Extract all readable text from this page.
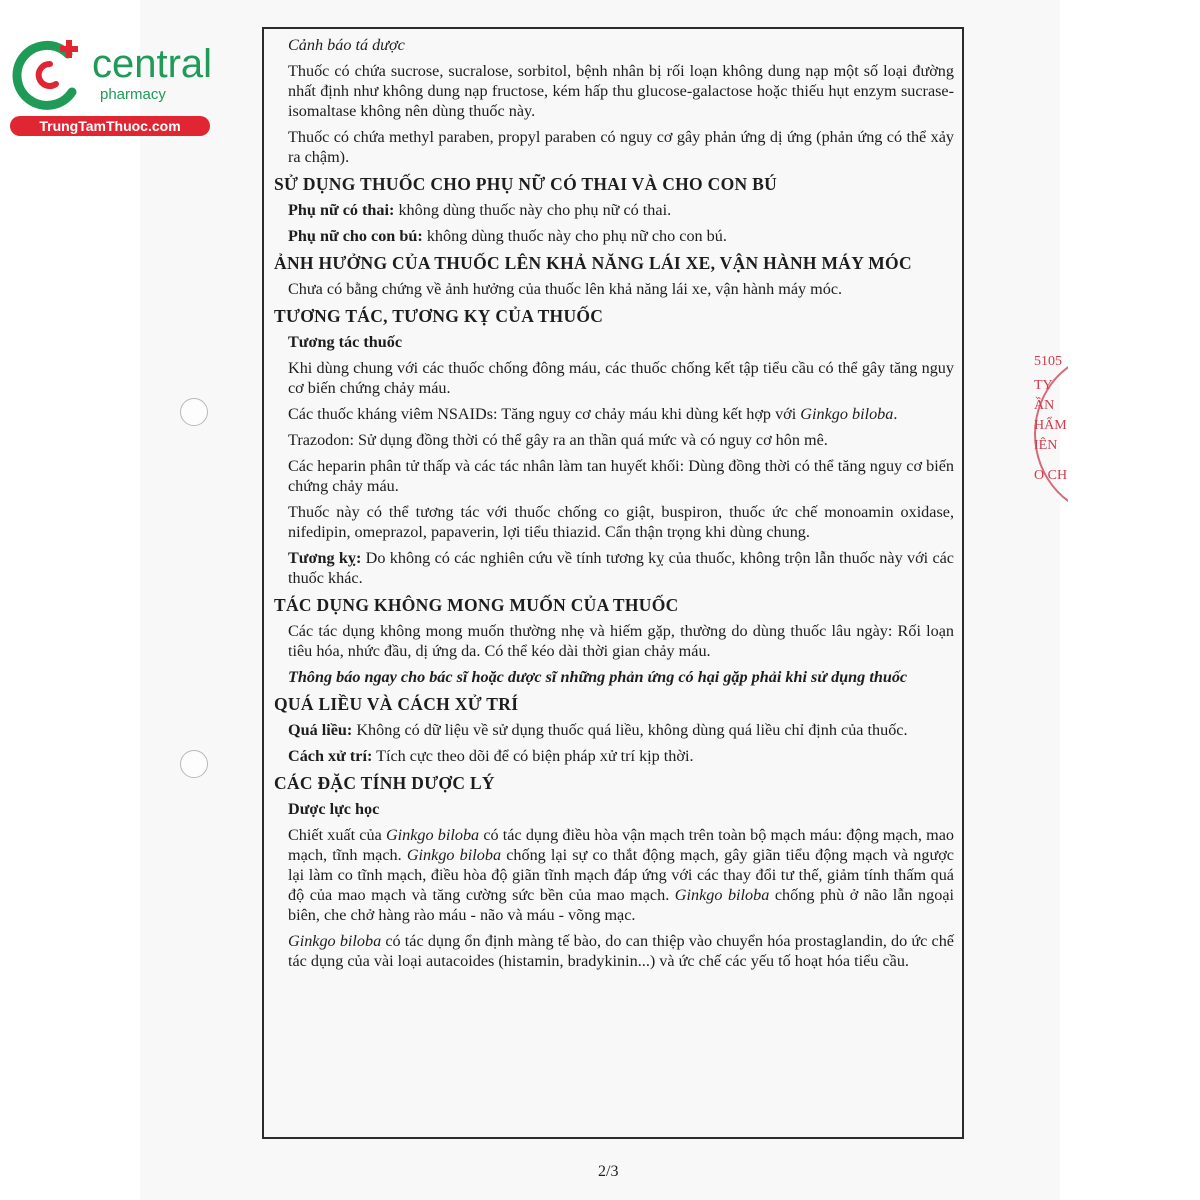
central
pharmacy
TrungTamThuoc.com
5105
TY
ẦN
HẨM
IÊN
O CH
Cảnh báo tá dược
Thuốc có chứa sucrose, sucralose, sorbitol, bệnh nhân bị rối loạn không dung nạp một số loại đường nhất định như không dung nạp fructose, kém hấp thu glucose-galactose hoặc thiếu hụt enzym sucrase-isomaltase không nên dùng thuốc này.
Thuốc có chứa methyl paraben, propyl paraben có nguy cơ gây phản ứng dị ứng (phản ứng có thể xảy ra chậm).
SỬ DỤNG THUỐC CHO PHỤ NỮ CÓ THAI VÀ CHO CON BÚ
Phụ nữ có thai: không dùng thuốc này cho phụ nữ có thai.
Phụ nữ cho con bú: không dùng thuốc này cho phụ nữ cho con bú.
ẢNH HƯỞNG CỦA THUỐC LÊN KHẢ NĂNG LÁI XE, VẬN HÀNH MÁY MÓC
Chưa có bằng chứng về ảnh hưởng của thuốc lên khả năng lái xe, vận hành máy móc.
TƯƠNG TÁC, TƯƠNG KỴ CỦA THUỐC
Tương tác thuốc
Khi dùng chung với các thuốc chống đông máu, các thuốc chống kết tập tiểu cầu có thể gây tăng nguy cơ biến chứng chảy máu.
Các thuốc kháng viêm NSAIDs: Tăng nguy cơ chảy máu khi dùng kết hợp với Ginkgo biloba.
Trazodon: Sử dụng đồng thời có thể gây ra an thần quá mức và có nguy cơ hôn mê.
Các heparin phân tử thấp và các tác nhân làm tan huyết khối: Dùng đồng thời có thể tăng nguy cơ biến chứng chảy máu.
Thuốc này có thể tương tác với thuốc chống co giật, buspiron, thuốc ức chế monoamin oxidase, nifedipin, omeprazol, papaverin, lợi tiểu thiazid. Cẩn thận trọng khi dùng chung.
Tương kỵ: Do không có các nghiên cứu về tính tương kỵ của thuốc, không trộn lẫn thuốc này với các thuốc khác.
TÁC DỤNG KHÔNG MONG MUỐN CỦA THUỐC
Các tác dụng không mong muốn thường nhẹ và hiếm gặp, thường do dùng thuốc lâu ngày: Rối loạn tiêu hóa, nhức đầu, dị ứng da. Có thể kéo dài thời gian chảy máu.
Thông báo ngay cho bác sĩ hoặc dược sĩ những phản ứng có hại gặp phải khi sử dụng thuốc
QUÁ LIỀU VÀ CÁCH XỬ TRÍ
Quá liều: Không có dữ liệu về sử dụng thuốc quá liều, không dùng quá liều chỉ định của thuốc.
Cách xử trí: Tích cực theo dõi để có biện pháp xử trí kịp thời.
CÁC ĐẶC TÍNH DƯỢC LÝ
Dược lực học
Chiết xuất của Ginkgo biloba có tác dụng điều hòa vận mạch trên toàn bộ mạch máu: động mạch, mao mạch, tĩnh mạch. Ginkgo biloba chống lại sự co thắt động mạch, gây giãn tiểu động mạch và ngược lại làm co tĩnh mạch, điều hòa độ giãn tĩnh mạch đáp ứng với các thay đổi tư thế, giảm tính thấm quá độ của mao mạch và tăng cường sức bền của mao mạch. Ginkgo biloba chống phù ở não lẫn ngoại biên, che chở hàng rào máu - não và máu - võng mạc.
Ginkgo biloba có tác dụng ổn định màng tế bào, do can thiệp vào chuyển hóa prostaglandin, do ức chế tác dụng của vài loại autacoides (histamin, bradykinin...) và ức chế các yếu tố hoạt hóa tiểu cầu.
2/3
